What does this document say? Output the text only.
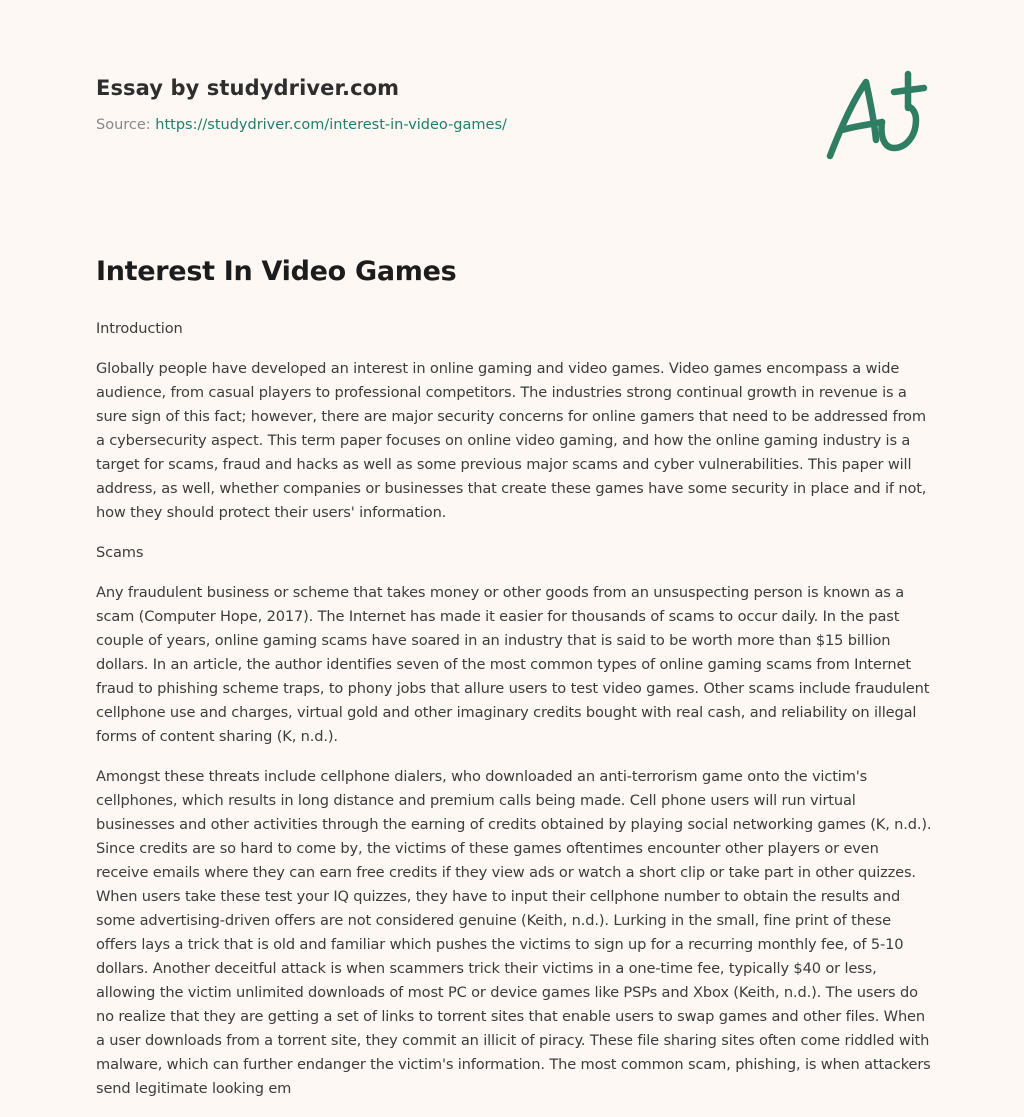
Essay by studydriver.com
Source: https://studydriver.com/interest-in-video-games/
Interest In Video Games

Introduction

Globally people have developed an interest in online gaming and video games. Video games encompass a wide audience, from casual players to professional competitors. The industries strong continual growth in revenue is a sure sign of this fact; however, there are major security concerns for online gamers that need to be addressed from a cybersecurity aspect. This term paper focuses on online video gaming, and how the online gaming industry is a target for scams, fraud and hacks as well as some previous major scams and cyber vulnerabilities. This paper will address, as well, whether companies or businesses that create these games have some security in place and if not, how they should protect their users' information.

Scams

Any fraudulent business or scheme that takes money or other goods from an unsuspecting person is known as a scam (Computer Hope, 2017). The Internet has made it easier for thousands of scams to occur daily. In the past couple of years, online gaming scams have soared in an industry that is said to be worth more than $15 billion dollars. In an article, the author identifies seven of the most common types of online gaming scams from Internet fraud to phishing scheme traps, to phony jobs that allure users to test video games. Other scams include fraudulent cellphone use and charges, virtual gold and other imaginary credits bought with real cash, and reliability on illegal forms of content sharing (K, n.d.).

Amongst these threats include cellphone dialers, who downloaded an anti-terrorism game onto the victim's cellphones, which results in long distance and premium calls being made. Cell phone users will run virtual businesses and other activities through the earning of credits obtained by playing social networking games (K, n.d.). Since credits are so hard to come by, the victims of these games oftentimes encounter other players or even receive emails where they can earn free credits if they view ads or watch a short clip or take part in other quizzes. When users take these test your IQ quizzes, they have to input their cellphone number to obtain the results and some advertising-driven offers are not considered genuine (Keith, n.d.). Lurking in the small, fine print of these offers lays a trick that is old and familiar which pushes the victims to sign up for a recurring monthly fee, of 5-10 dollars. Another deceitful attack is when scammers trick their victims in a one-time fee, typically $40 or less, allowing the victim unlimited downloads of most PC or device games like PSPs and Xbox (Keith, n.d.). The users do no realize that they are getting a set of links to torrent sites that enable users to swap games and other files. When a user downloads from a torrent site, they commit an illicit of piracy. These file sharing sites often come riddled with malware, which can further endanger the victim's information. The most common scam, phishing, is when attackers send legitimate looking em
